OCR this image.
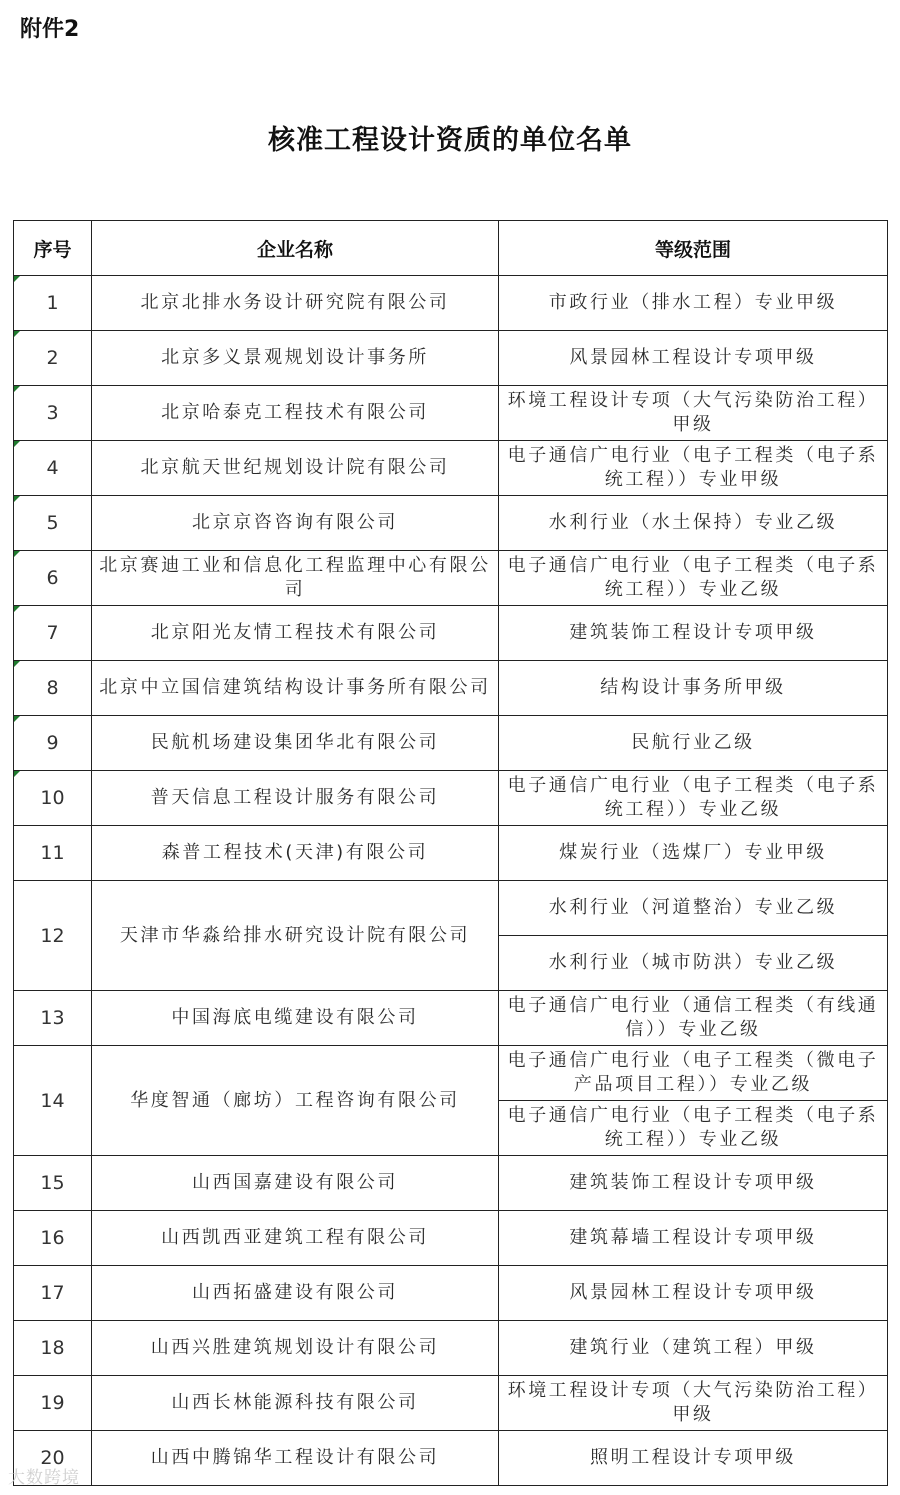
附件2
核准工程设计资质的单位名单
序号	企业名称	等级范围

1	北京北排水务设计研究院有限公司	市政行业（排水工程）专业甲级

2	北京多义景观规划设计事务所	风景园林工程设计专项甲级

3	北京哈泰克工程技术有限公司	环境工程设计专项（大气污染防治工程）甲级

4	北京航天世纪规划设计院有限公司	电子通信广电行业（电子工程类（电子系统工程））专业甲级

5	北京京咨咨询有限公司	水利行业（水土保持）专业乙级

6	北京赛迪工业和信息化工程监理中心有限公司	电子通信广电行业（电子工程类（电子系统工程））专业乙级

7	北京阳光友情工程技术有限公司	建筑装饰工程设计专项甲级

8	北京中立国信建筑结构设计事务所有限公司	结构设计事务所甲级

9	民航机场建设集团华北有限公司	民航行业乙级

10	普天信息工程设计服务有限公司	电子通信广电行业（电子工程类（电子系统工程））专业乙级
11	森普工程技术(天津)有限公司	煤炭行业（选煤厂）专业甲级
12	天津市华淼给排水研究设计院有限公司	水利行业（河道整治）专业乙级
		水利行业（城市防洪）专业乙级
13	中国海底电缆建设有限公司	电子通信广电行业（通信工程类（有线通信））专业乙级
14	华度智通（廊坊）工程咨询有限公司	电子通信广电行业（电子工程类（微电子产品项目工程））专业乙级
		电子通信广电行业（电子工程类（电子系统工程））专业乙级
15	山西国嘉建设有限公司	建筑装饰工程设计专项甲级
16	山西凯西亚建筑工程有限公司	建筑幕墙工程设计专项甲级
17	山西拓盛建设有限公司	风景园林工程设计专项甲级
18	山西兴胜建筑规划设计有限公司	建筑行业（建筑工程）甲级
19	山西长林能源科技有限公司	环境工程设计专项（大气污染防治工程）甲级
20	山西中腾锦华工程设计有限公司	照明工程设计专项甲级
大数跨境
